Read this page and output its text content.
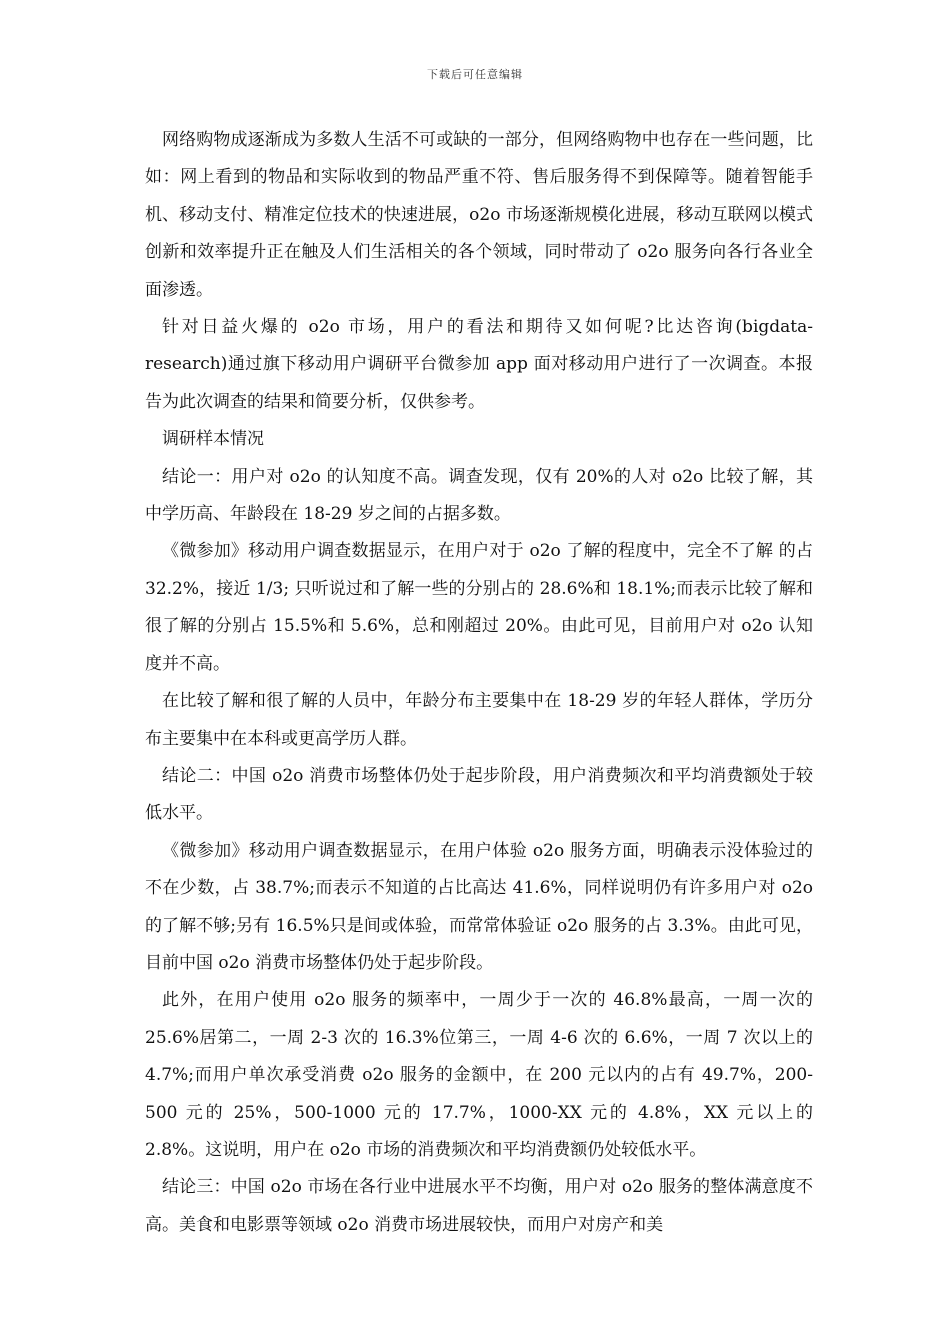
下载后可任意编辑

网络购物成逐渐成为多数人生活不可或缺的一部分，但网络购物中也存在一些问题，比如：网上看到的物品和实际收到的物品严重不符、售后服务得不到保障等。随着智能手机、移动支付、精准定位技术的快速进展，o2o 市场逐渐规模化进展，移动互联网以模式创新和效率提升正在触及人们生活相关的各个领域，同时带动了 o2o 服务向各行各业全面渗透。

针对日益火爆的 o2o 市场，用户的看法和期待又如何呢?比达咨询(bigdata-research)通过旗下移动用户调研平台微参加 app 面对移动用户进行了一次调查。本报告为此次调查的结果和简要分析，仅供参考。

调研样本情况

结论一：用户对 o2o 的认知度不高。调查发现，仅有 20%的人对 o2o 比较了解，其中学历高、年龄段在 18-29 岁之间的占据多数。

《微参加》移动用户调查数据显示，在用户对于 o2o 了解的程度中，完全不了解 的占 32.2%，接近 1/3; 只听说过和了解一些的分别占的 28.6%和 18.1%;而表示比较了解和很了解的分别占 15.5%和 5.6%，总和刚超过 20%。由此可见，目前用户对 o2o 认知度并不高。

在比较了解和很了解的人员中，年龄分布主要集中在 18-29 岁的年轻人群体，学历分布主要集中在本科或更高学历人群。

结论二：中国 o2o 消费市场整体仍处于起步阶段，用户消费频次和平均消费额处于较低水平。

《微参加》移动用户调查数据显示，在用户体验 o2o 服务方面，明确表示没体验过的不在少数，占 38.7%;而表示不知道的占比高达 41.6%，同样说明仍有许多用户对 o2o 的了解不够;另有 16.5%只是间或体验，而常常体验证 o2o 服务的占 3.3%。由此可见，目前中国 o2o 消费市场整体仍处于起步阶段。

此外，在用户使用 o2o 服务的频率中，一周少于一次的 46.8%最高，一周一次的 25.6%居第二，一周 2-3 次的 16.3%位第三，一周 4-6 次的 6.6%，一周 7 次以上的 4.7%;而用户单次承受消费 o2o 服务的金额中，在 200 元以内的占有 49.7%，200-500 元的 25%，500-1000 元的 17.7%，1000-XX 元的 4.8%，XX 元以上的 2.8%。这说明，用户在 o2o 市场的消费频次和平均消费额仍处较低水平。

结论三：中国 o2o 市场在各行业中进展水平不均衡，用户对 o2o 服务的整体满意度不高。美食和电影票等领域 o2o 消费市场进展较快，而用户对房产和美
